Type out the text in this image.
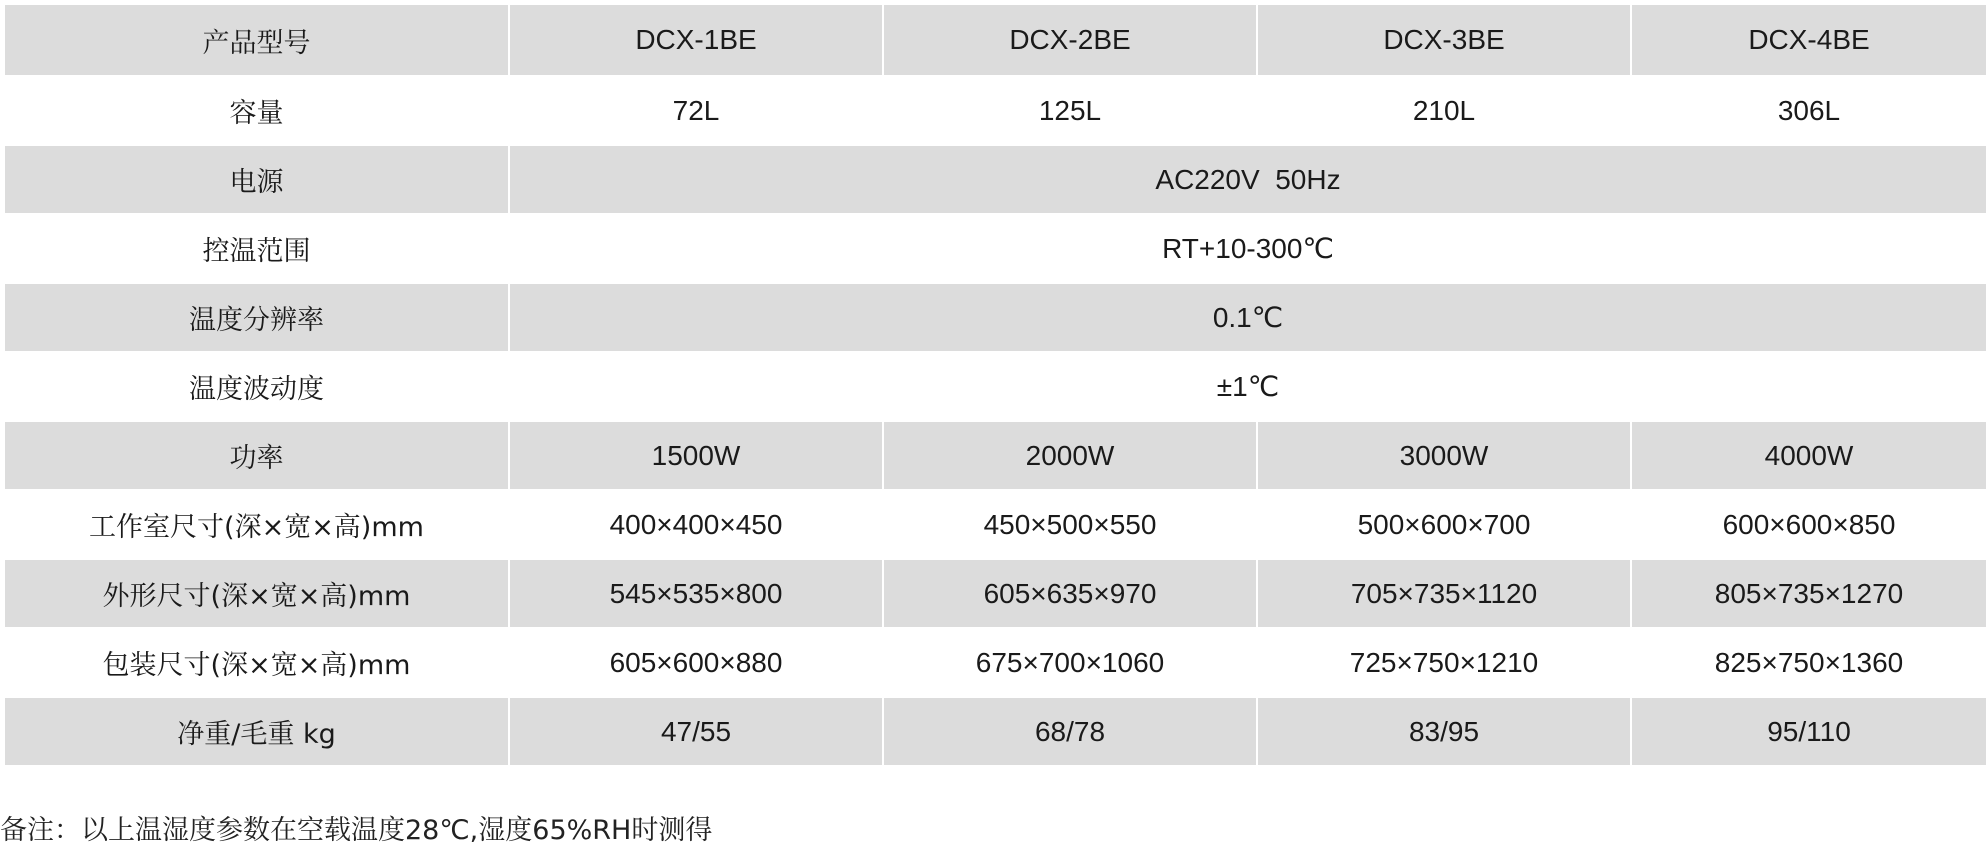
产品型号	DCX-1BE	DCX-2BE	DCX-3BE	DCX-4BE
容量	72L	125L	210L	306L
电源	AC220V  50Hz			
控温范围	RT+10-300℃			
温度分辨率	0.1℃			
温度波动度	±1℃			
功率	1500W	2000W	3000W	4000W
工作室尺寸(深×宽×高)mm	400×400×450	450×500×550	500×600×700	600×600×850
外形尺寸(深×宽×高)mm	545×535×800	605×635×970	705×735×1120	805×735×1270
包装尺寸(深×宽×高)mm	605×600×880	675×700×1060	725×750×1210	825×750×1360
净重/毛重 kg	47/55	68/78	83/95	95/110
备注：以上温湿度参数在空载温度28℃,湿度65%RH时测得
